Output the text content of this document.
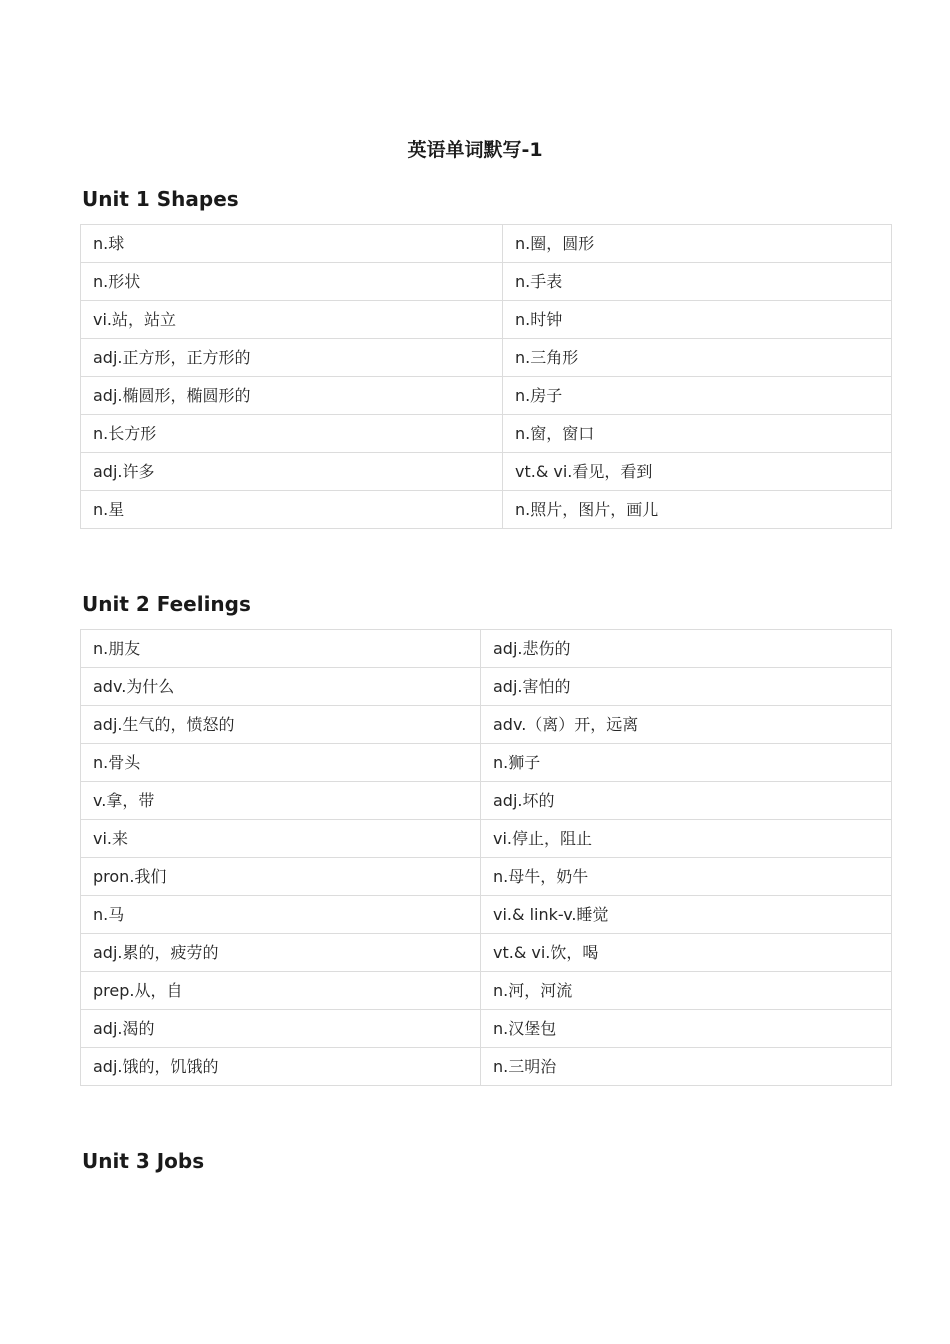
英语单词默写-1
Unit 1 Shapes
n.球	n.圈，圆形
n.形状	n.手表
vi.站，站立	n.时钟
adj.正方形，正方形的	n.三角形
adj.椭圆形，椭圆形的	n.房子
n.长方形	n.窗，窗口
adj.许多	vt.& vi.看见，看到
n.星	n.照片，图片，画儿
Unit 2 Feelings
n.朋友	adj.悲伤的
adv.为什么	adj.害怕的
adj.生气的，愤怒的	adv.（离）开，远离
n.骨头	n.狮子
v.拿，带	adj.坏的
vi.来	vi.停止，阻止
pron.我们	n.母牛，奶牛
n.马	vi.& link-v.睡觉
adj.累的，疲劳的	vt.& vi.饮，喝
prep.从，自	n.河，河流
adj.渴的	n.汉堡包
adj.饿的，饥饿的	n.三明治
Unit 3 Jobs
